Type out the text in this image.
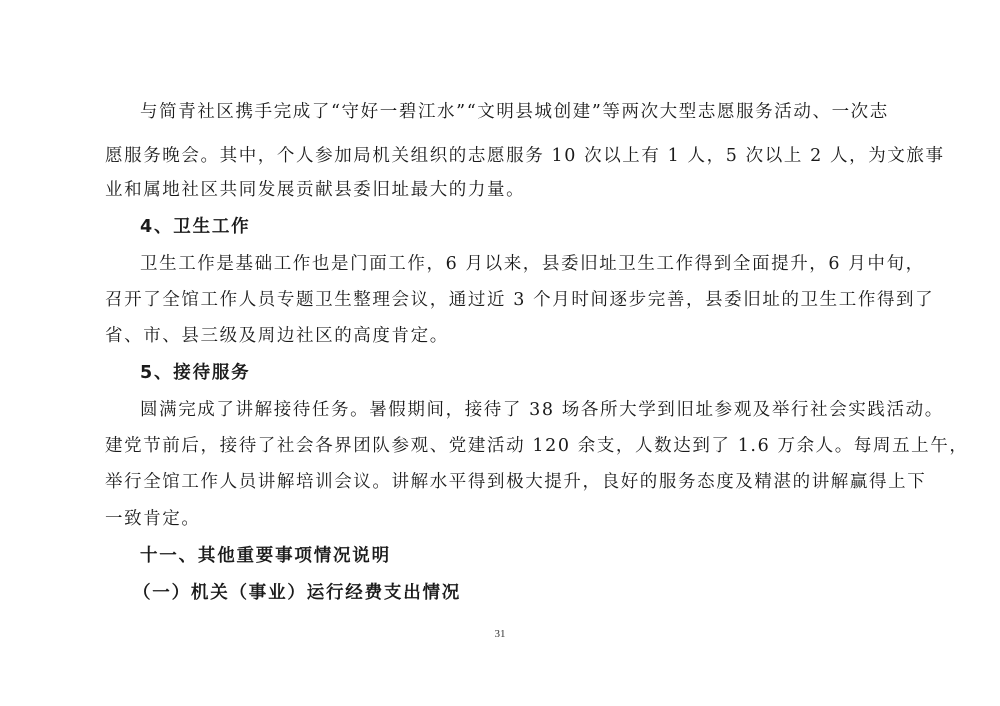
与简青社区携手完成了“守好一碧江水”“文明县城创建”等两次大型志愿服务活动、一次志
愿服务晚会。其中，个人参加局机关组织的志愿服务 10 次以上有 1 人，5 次以上 2 人，为文旅事
业和属地社区共同发展贡献县委旧址最大的力量。
4、卫生工作
卫生工作是基础工作也是门面工作，6 月以来，县委旧址卫生工作得到全面提升，6 月中旬，
召开了全馆工作人员专题卫生整理会议，通过近 3 个月时间逐步完善，县委旧址的卫生工作得到了
省、市、县三级及周边社区的高度肯定。
5、接待服务
圆满完成了讲解接待任务。暑假期间，接待了 38 场各所大学到旧址参观及举行社会实践活动。
建党节前后，接待了社会各界团队参观、党建活动 120 余支，人数达到了 1.6 万余人。每周五上午，
举行全馆工作人员讲解培训会议。讲解水平得到极大提升，良好的服务态度及精湛的讲解赢得上下
一致肯定。
十一、其他重要事项情况说明
（一）机关（事业）运行经费支出情况
31
